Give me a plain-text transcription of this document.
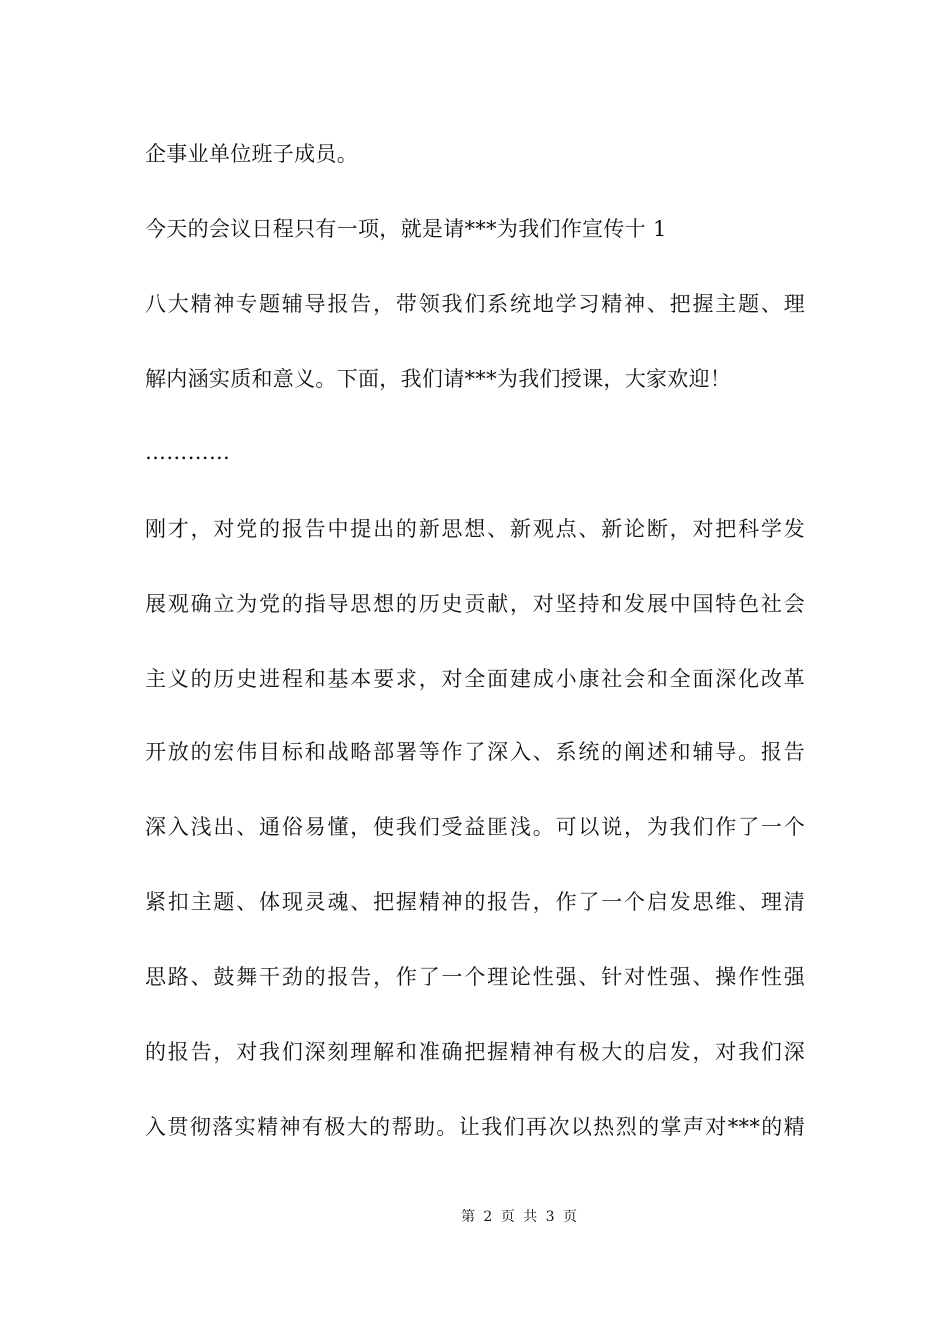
企事业单位班子成员。
今天的会议日程只有一项，就是请***为我们作宣传十 1
八大精神专题辅导报告，带领我们系统地学习精神、把握主题、理
解内涵实质和意义。下面，我们请***为我们授课，大家欢迎！
…………
刚才，对党的报告中提出的新思想、新观点、新论断，对把科学发
展观确立为党的指导思想的历史贡献，对坚持和发展中国特色社会
主义的历史进程和基本要求，对全面建成小康社会和全面深化改革
开放的宏伟目标和战略部署等作了深入、系统的阐述和辅导。报告
深入浅出、通俗易懂，使我们受益匪浅。可以说，为我们作了一个
紧扣主题、体现灵魂、把握精神的报告，作了一个启发思维、理清
思路、鼓舞干劲的报告，作了一个理论性强、针对性强、操作性强
的报告，对我们深刻理解和准确把握精神有极大的启发，对我们深
入贯彻落实精神有极大的帮助。让我们再次以热烈的掌声对***的精
第 2 页 共 3 页
